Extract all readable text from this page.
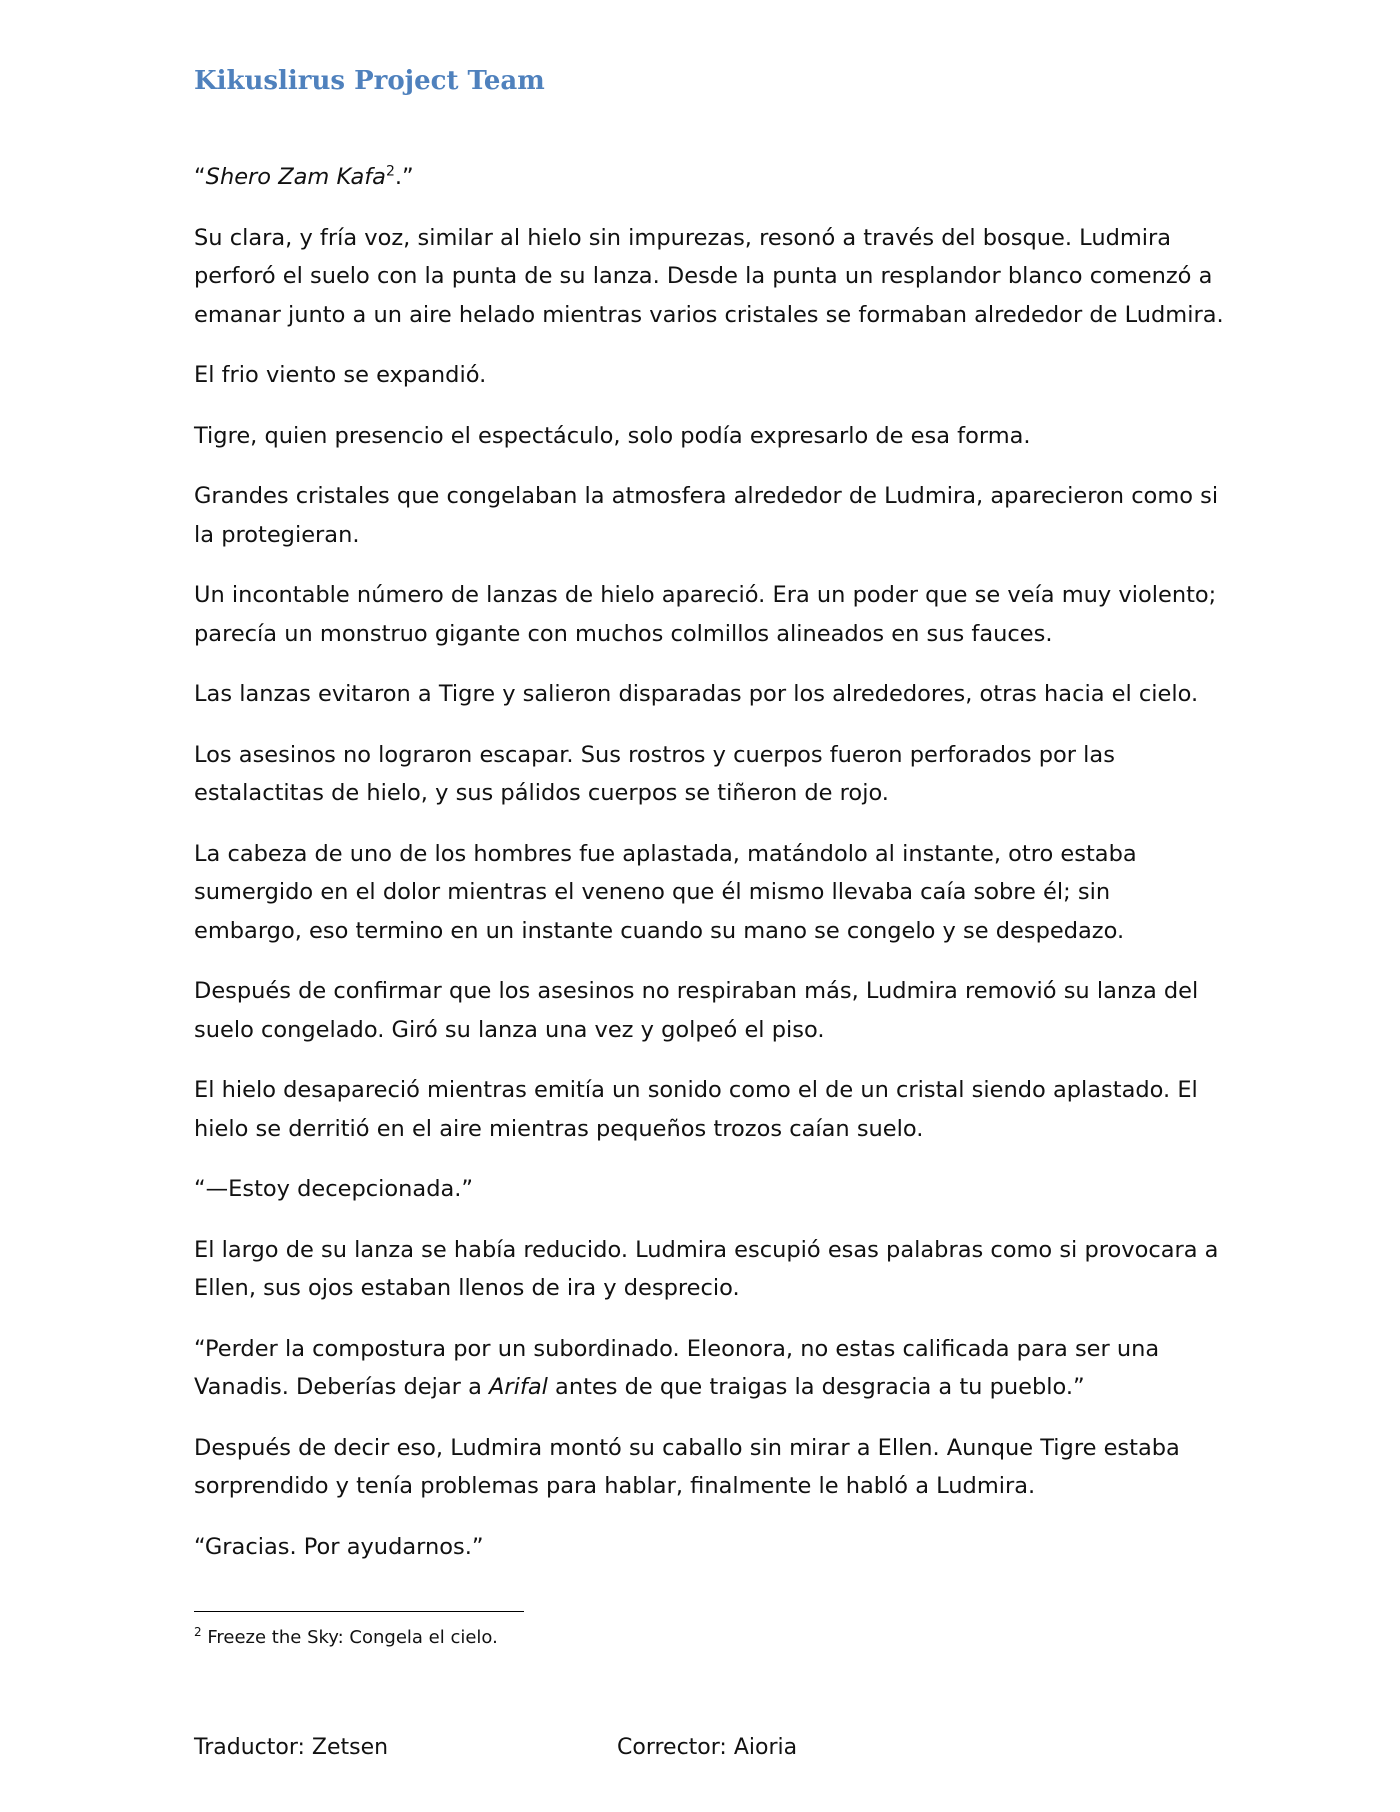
Kikuslirus Project Team

“Shero Zam Kafa$^2$.”

Su clara, y fría voz, similar al hielo sin impurezas, resonó a través del bosque. Ludmira perforó el suelo con la punta de su lanza. Desde la punta un resplandor blanco comenzó a emanar junto a un aire helado mientras varios cristales se formaban alrededor de Ludmira.

El frio viento se expandió.

Tigre, quien presencio el espectáculo, solo podía expresarlo de esa forma.

Grandes cristales que congelaban la atmosfera alrededor de Ludmira, aparecieron como si la protegieran.

Un incontable número de lanzas de hielo apareció. Era un poder que se veía muy violento; parecía un monstruo gigante con muchos colmillos alineados en sus fauces.

Las lanzas evitaron a Tigre y salieron disparadas por los alrededores, otras hacia el cielo.

Los asesinos no lograron escapar. Sus rostros y cuerpos fueron perforados por las estalactitas de hielo, y sus pálidos cuerpos se tiñeron de rojo.

La cabeza de uno de los hombres fue aplastada, matándolo al instante, otro estaba sumergido en el dolor mientras el veneno que él mismo llevaba caía sobre él; sin embargo, eso termino en un instante cuando su mano se congelo y se despedazo.

Después de confirmar que los asesinos no respiraban más, Ludmira removió su lanza del suelo congelado. Giró su lanza una vez y golpeó el piso.

El hielo desapareció mientras emitía un sonido como el de un cristal siendo aplastado. El hielo se derritió en el aire mientras pequeños trozos caían suelo.

“—Estoy decepcionada.”

El largo de su lanza se había reducido. Ludmira escupió esas palabras como si provocara a Ellen, sus ojos estaban llenos de ira y desprecio.

“Perder la compostura por un subordinado. Eleonora, no estas calificada para ser una Vanadis. Deberías dejar a Arifal antes de que traigas la desgracia a tu pueblo.”

Después de decir eso, Ludmira montó su caballo sin mirar a Ellen. Aunque Tigre estaba sorprendido y tenía problemas para hablar, finalmente le habló a Ludmira.

“Gracias. Por ayudarnos.”

$^2$ Freeze the Sky: Congela el cielo.
Traductor: Zetsen	Corrector: Aioria
